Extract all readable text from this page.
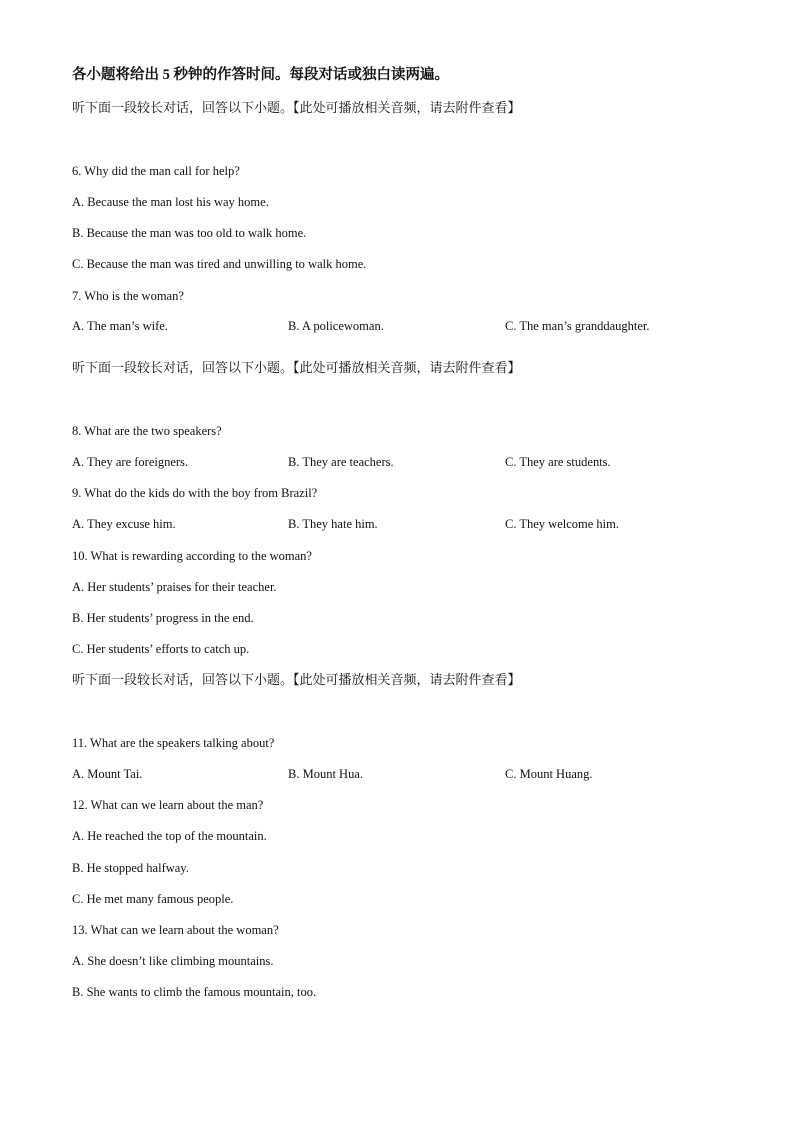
各小题将给出 5 秒钟的作答时间。每段对话或独白读两遍。
听下面一段较长对话，回答以下小题。【此处可播放相关音频，请去附件查看】
6. Why did the man call for help?
A. Because the man lost his way home.
B. Because the man was too old to walk home.
C. Because the man was tired and unwilling to walk home.
7. Who is the woman?
A. The man’s wife.	B. A policewoman.	C. The man’s granddaughter.
听下面一段较长对话，回答以下小题。【此处可播放相关音频，请去附件查看】
8. What are the two speakers?
A. They are foreigners.	B. They are teachers.	C. They are students.
9. What do the kids do with the boy from Brazil?
A. They excuse him.	B. They hate him.	C. They welcome him.
10. What is rewarding according to the woman?
A. Her students’ praises for their teacher.
B. Her students’ progress in the end.
C. Her students’ efforts to catch up.
听下面一段较长对话，回答以下小题。【此处可播放相关音频，请去附件查看】
11. What are the speakers talking about?
A. Mount Tai.	B. Mount Hua.	C. Mount Huang.
12. What can we learn about the man?
A. He reached the top of the mountain.
B. He stopped halfway.
C. He met many famous people.
13. What can we learn about the woman?
A. She doesn’t like climbing mountains.
B. She wants to climb the famous mountain, too.
